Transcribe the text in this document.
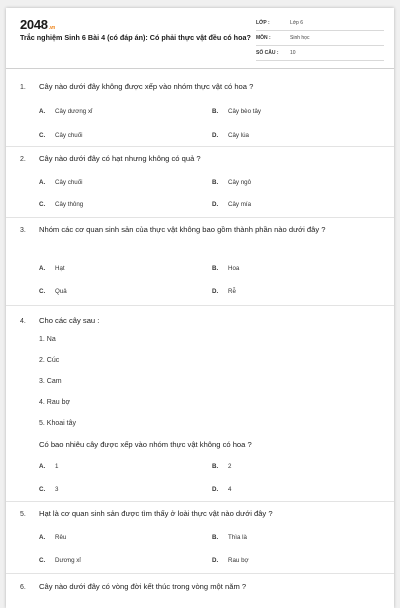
2048.vn
Trắc nghiệm Sinh 6 Bài 4 (có đáp án): Có phải thực vật đều có hoa?
LỚP :	Lớp 6
MÔN :	Sinh học
SỐ CÂU : 10
1. Cây nào dưới đây không được xếp vào nhóm thực vật có hoa ?
A. Cây dương xỉ	B. Cây bèo tây
C. Cây chuối	D. Cây lúa
2. Cây nào dưới đây có hạt nhưng không có quả ?
A. Cây chuối	B. Cây ngô
C. Cây thông	D. Cây mía
3. Nhóm các cơ quan sinh sản của thực vật không bao gồm thành phần nào dưới đây ?
A. Hạt	B. Hoa
C. Quả	D. Rễ
4. Cho các cây sau :
1. Na
2. Cúc
3. Cam
4. Rau bợ
5. Khoai tây
Có bao nhiêu cây được xếp vào nhóm thực vật không có hoa ?
A. 1	B. 2
C. 3	D. 4
5. Hạt là cơ quan sinh sản được tìm thấy ở loài thực vật nào dưới đây ?
A. Rêu	B. Thìa là
C. Dương xỉ	D. Rau bợ
6. Cây nào dưới đây có vòng đời kết thúc trong vòng một năm ?
